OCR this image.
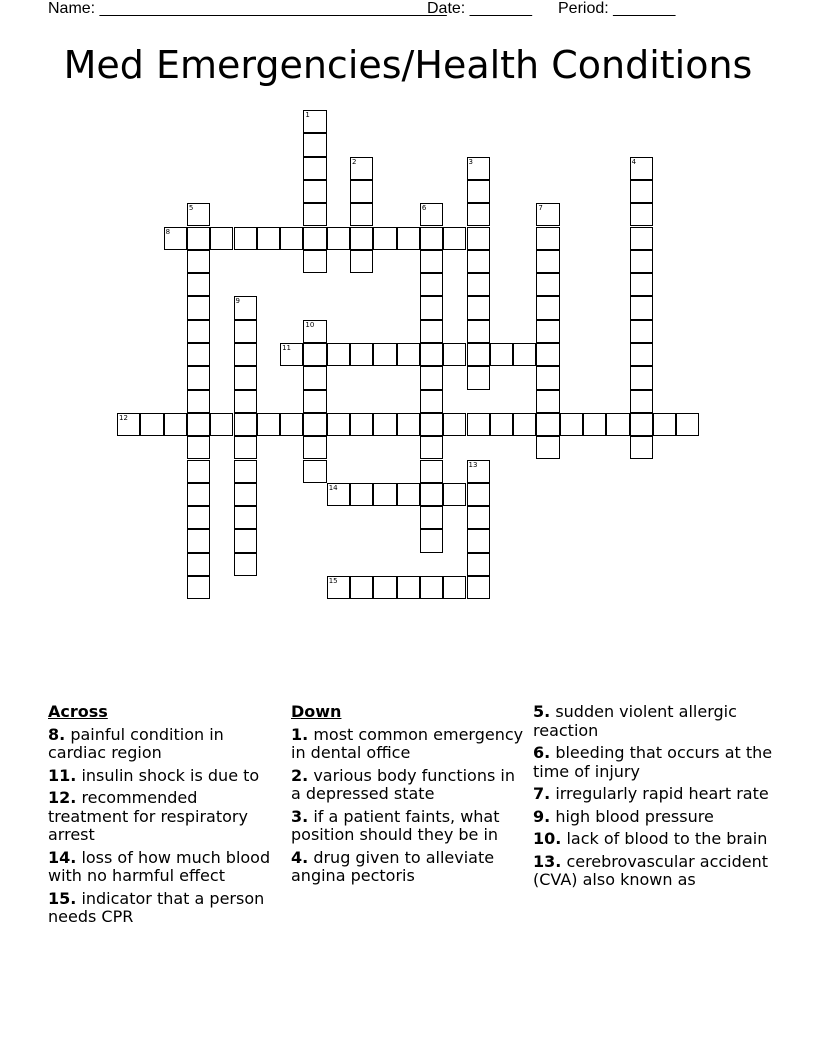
Name: _______________________________________
Date: _______ Period: _______
Med Emergencies/Health Conditions
1
2	3	4
5	6	7
8
9
10
11
12
13
14
15
Across
8. painful condition in cardiac region
11. insulin shock is due to
12. recommended treatment for respiratory arrest
14. loss of how much blood with no harmful effect
15. indicator that a person needs CPR
Down
1. most common emergency in dental office
2. various body functions in a depressed state
3. if a patient faints, what position should they be in
4. drug given to alleviate angina pectoris
5. sudden violent allergic reaction
6. bleeding that occurs at the time of injury
7. irregularly rapid heart rate
9. high blood pressure
10. lack of blood to the brain
13. cerebrovascular accident (CVA) also known as
